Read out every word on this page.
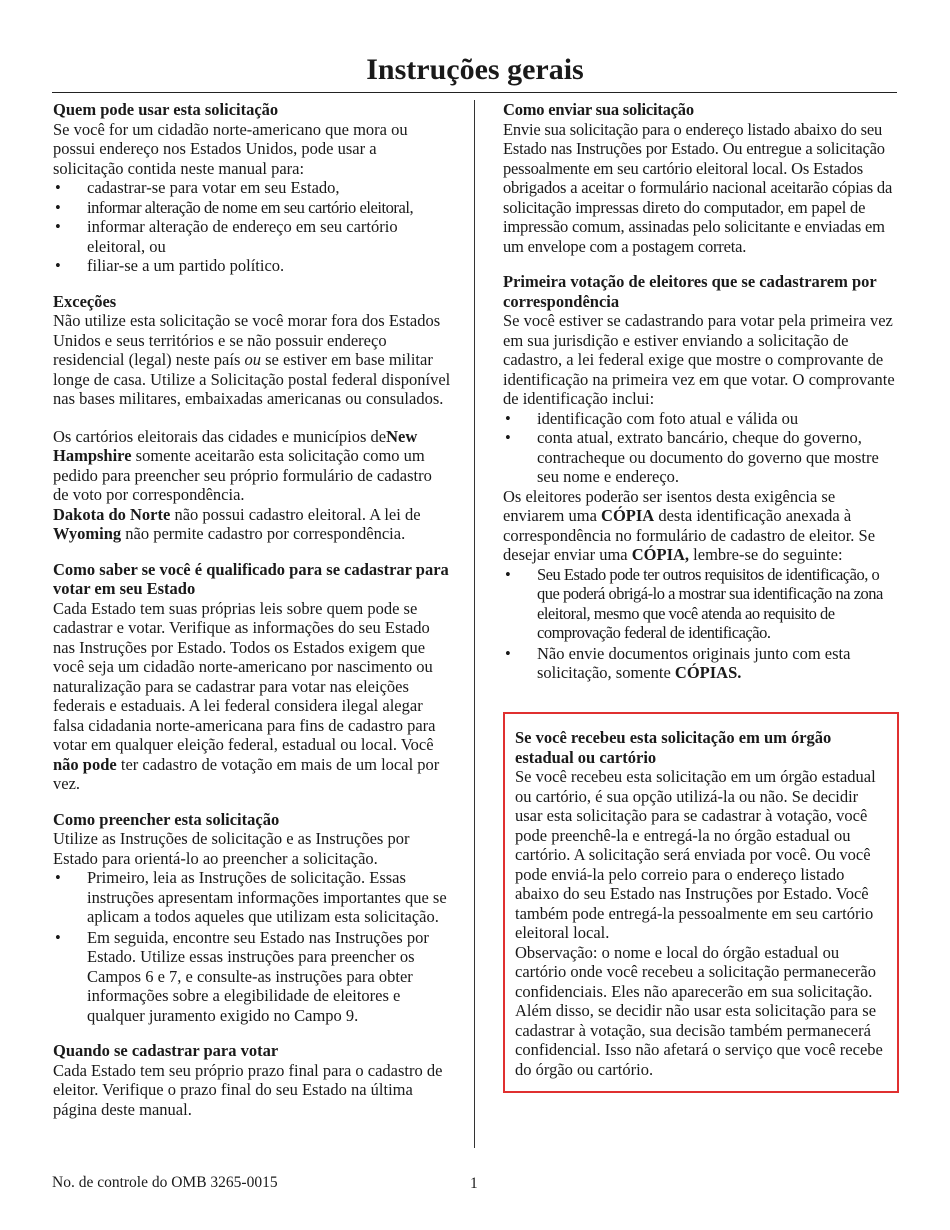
Instruções gerais
Quem pode usar esta solicitação

Se você for um cidadão norte-americano que mora ou possui endereço nos Estados Unidos, pode usar a solicitação contida neste manual para:

• cadastrar-se para votar em seu Estado,
• informar alteração de nome em seu cartório eleitoral,
• informar alteração de endereço em seu cartório eleitoral, ou
• filiar-se a um partido político.
Exceções

Não utilize esta solicitação se você morar fora dos Estados Unidos e seus territórios e se não possuir endereço residencial (legal) neste país ou se estiver em base militar longe de casa. Utilize a Solicitação postal federal disponível nas bases militares, embaixadas americanas ou consulados.

Os cartórios eleitorais das cidades e municípios deNew Hampshire somente aceitarão esta solicitação como um pedido para preencher seu próprio formulário de cadastro de voto por correspondência.

Dakota do Norte não possui cadastro eleitoral. A lei de Wyoming não permite cadastro por correspondência.

Como saber se você é qualificado para se cadastrar para votar em seu Estado

Cada Estado tem suas próprias leis sobre quem pode se cadastrar e votar. Verifique as informações do seu Estado nas Instruções por Estado. Todos os Estados exigem que você seja um cidadão norte-americano por nascimento ou naturalização para se cadastrar para votar nas eleições federais e estaduais. A lei federal considera ilegal alegar falsa cidadania norte-americana para fins de cadastro para votar em qualquer eleição federal, estadual ou local. Você não pode ter cadastro de votação em mais de um local por vez.

Como preencher esta solicitação

Utilize as Instruções de solicitação e as Instruções por Estado para orientá-lo ao preencher a solicitação.

• Primeiro, leia as Instruções de solicitação. Essas instruções apresentam informações importantes que se aplicam a todos aqueles que utilizam esta solicitação.
• Em seguida, encontre seu Estado nas Instruções por Estado. Utilize essas instruções para preencher os Campos 6 e 7, e consulte-as instruções para obter informações sobre a elegibilidade de eleitores e qualquer juramento exigido no Campo 9.
Quando se cadastrar para votar

Cada Estado tem seu próprio prazo final para o cadastro de eleitor. Verifique o prazo final do seu Estado na última página deste manual.

Como enviar sua solicitação

Envie sua solicitação para o endereço listado abaixo do seu Estado nas Instruções por Estado. Ou entregue a solicitação pessoalmente em seu cartório eleitoral local. Os Estados obrigados a aceitar o formulário nacional aceitarão cópias da solicitação impressas direto do computador, em papel de impressão comum, assinadas pelo solicitante e enviadas em um envelope com a postagem correta.

Primeira votação de eleitores que se cadastrarem por correspondência

Se você estiver se cadastrando para votar pela primeira vez em sua jurisdição e estiver enviando a solicitação de cadastro, a lei federal exige que mostre o comprovante de identificação na primeira vez em que votar. O comprovante de identificação inclui:

• identificação com foto atual e válida ou
• conta atual, extrato bancário, cheque do governo, contracheque ou documento do governo que mostre seu nome e endereço.

Os eleitores poderão ser isentos desta exigência se enviarem uma CÓPIA desta identificação anexada à correspondência no formulário de cadastro de eleitor. Se desejar enviar uma CÓPIA, lembre-se do seguinte:

• Seu Estado pode ter outros requisitos de identificação, o que poderá obrigá-lo a mostrar sua identificação na zona eleitoral, mesmo que você atenda ao requisito de comprovação federal de identificação.
• Não envie documentos originais junto com esta solicitação, somente CÓPIAS.
Se você recebeu esta solicitação em um órgão estadual ou cartório

Se você recebeu esta solicitação em um órgão estadual ou cartório, é sua opção utilizá-la ou não. Se decidir usar esta solicitação para se cadastrar à votação, você pode preenchê-la e entregá-la no órgão estadual ou cartório. A solicitação será enviada por você. Ou você pode enviá-la pelo correio para o endereço listado abaixo do seu Estado nas Instruções por Estado. Você também pode entregá-la pessoalmente em seu cartório eleitoral local.

Observação: o nome e local do órgão estadual ou cartório onde você recebeu a solicitação permanecerão confidenciais. Eles não aparecerão em sua solicitação. Além disso, se decidir não usar esta solicitação para se cadastrar à votação, sua decisão também permanecerá confidencial. Isso não afetará o serviço que você recebe do órgão ou cartório.

No. de controle do OMB 3265-0015	1
